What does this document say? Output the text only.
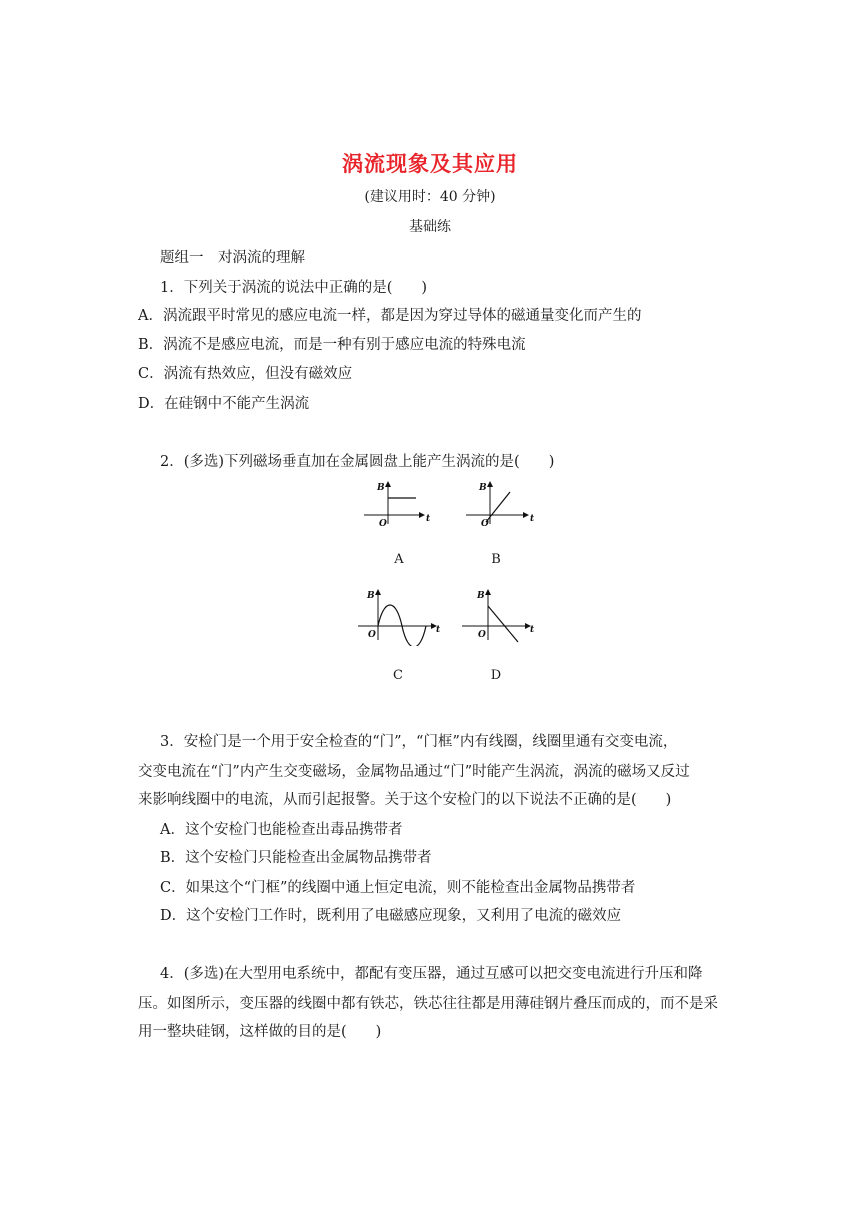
涡流现象及其应用
(建议用时：40 分钟)
基础练
题组一　对涡流的理解
1．下列关于涡流的说法中正确的是(　　)
A．涡流跟平时常见的感应电流一样，都是因为穿过导体的磁通量变化而产生的
B．涡流不是感应电流，而是一种有别于感应电流的特殊电流
C．涡流有热效应，但没有磁效应
D．在硅钢中不能产生涡流
2．(多选)下列磁场垂直加在金属圆盘上能产生涡流的是(　　)
B
t
O
B
t
O
A	B
B
t
O
B
t
O
C	D
3．安检门是一个用于安全检查的“门”，“门框”内有线圈，线圈里通有交变电流，
交变电流在“门”内产生交变磁场，金属物品通过“门”时能产生涡流，涡流的磁场又反过
来影响线圈中的电流，从而引起报警。关于这个安检门的以下说法不正确的是(　　)
A．这个安检门也能检查出毒品携带者
B．这个安检门只能检查出金属物品携带者
C．如果这个“门框”的线圈中通上恒定电流，则不能检查出金属物品携带者
D．这个安检门工作时，既利用了电磁感应现象，又利用了电流的磁效应
4．(多选)在大型用电系统中，都配有变压器，通过互感可以把交变电流进行升压和降
压。如图所示，变压器的线圈中都有铁芯，铁芯往往都是用薄硅钢片叠压而成的，而不是采
用一整块硅钢，这样做的目的是(　　)
